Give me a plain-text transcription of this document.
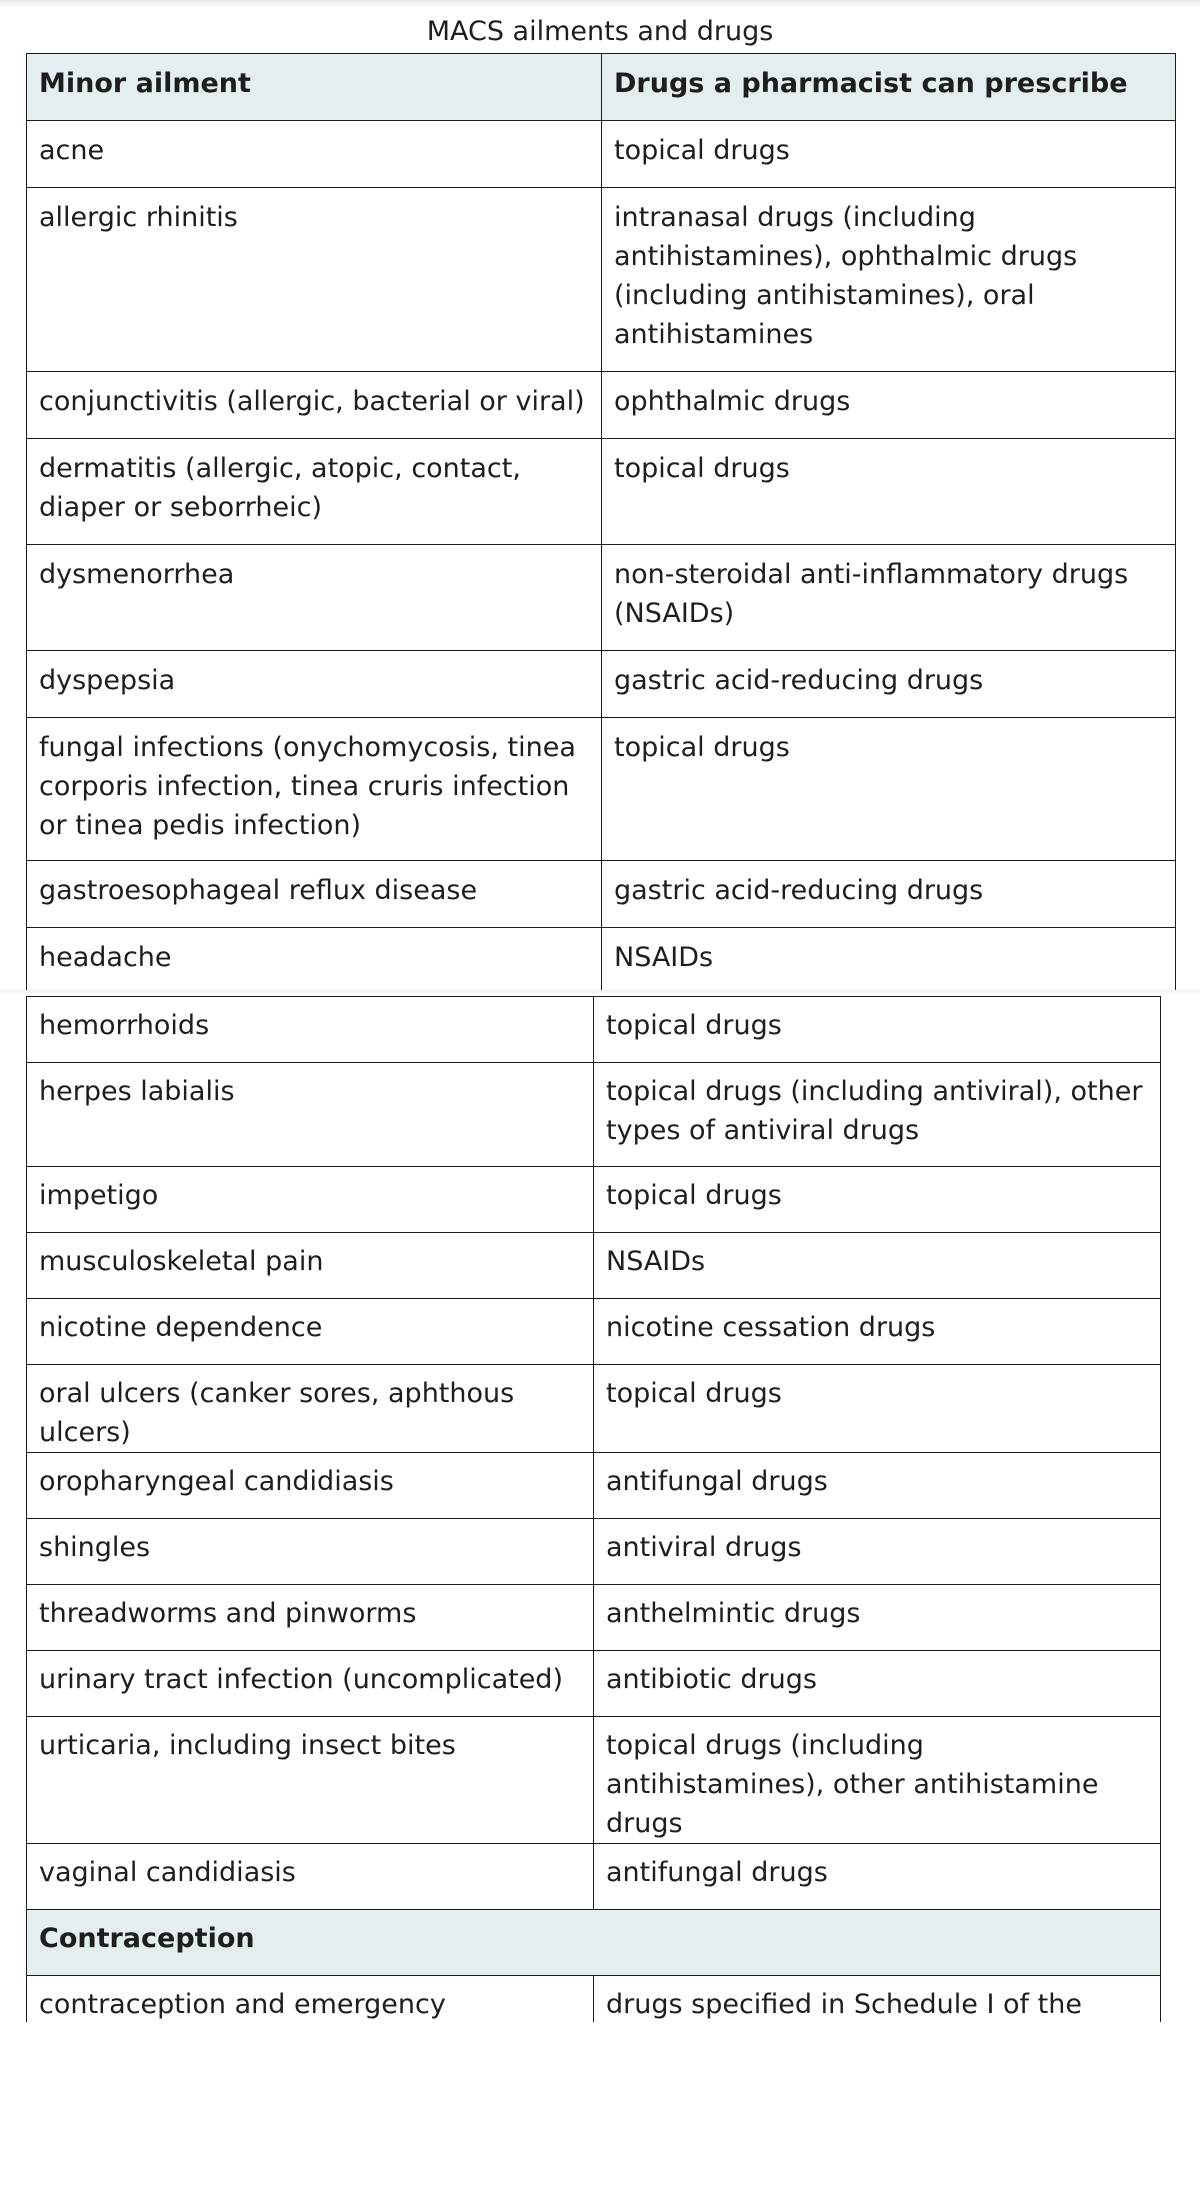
MACS ailments and drugs
Minor ailment	Drugs a pharmacist can prescribe
acne	topical drugs
allergic rhinitis	intranasal drugs (including antihistamines), ophthalmic drugs (including antihistamines), oral antihistamines
conjunctivitis (allergic, bacterial or viral)	ophthalmic drugs
dermatitis (allergic, atopic, contact, diaper or seborrheic)	topical drugs
dysmenorrhea	non-steroidal anti-inflammatory drugs (NSAIDs)
dyspepsia	gastric acid-reducing drugs
fungal infections (onychomycosis, tinea corporis infection, tinea cruris infection or tinea pedis infection)	topical drugs
gastroesophageal reflux disease	gastric acid-reducing drugs
headache	NSAIDs
hemorrhoids	topical drugs
herpes labialis	topical drugs (including antiviral), other types of antiviral drugs
impetigo	topical drugs
musculoskeletal pain	NSAIDs
nicotine dependence	nicotine cessation drugs
oral ulcers (canker sores, aphthous ulcers)	topical drugs
oropharyngeal candidiasis	antifungal drugs
shingles	antiviral drugs
threadworms and pinworms	anthelmintic drugs
urinary tract infection (uncomplicated)	antibiotic drugs
urticaria, including insect bites	topical drugs (including antihistamines), other antihistamine drugs
vaginal candidiasis	antifungal drugs
Contraception	
contraception and emergency	drugs specified in Schedule I of the
